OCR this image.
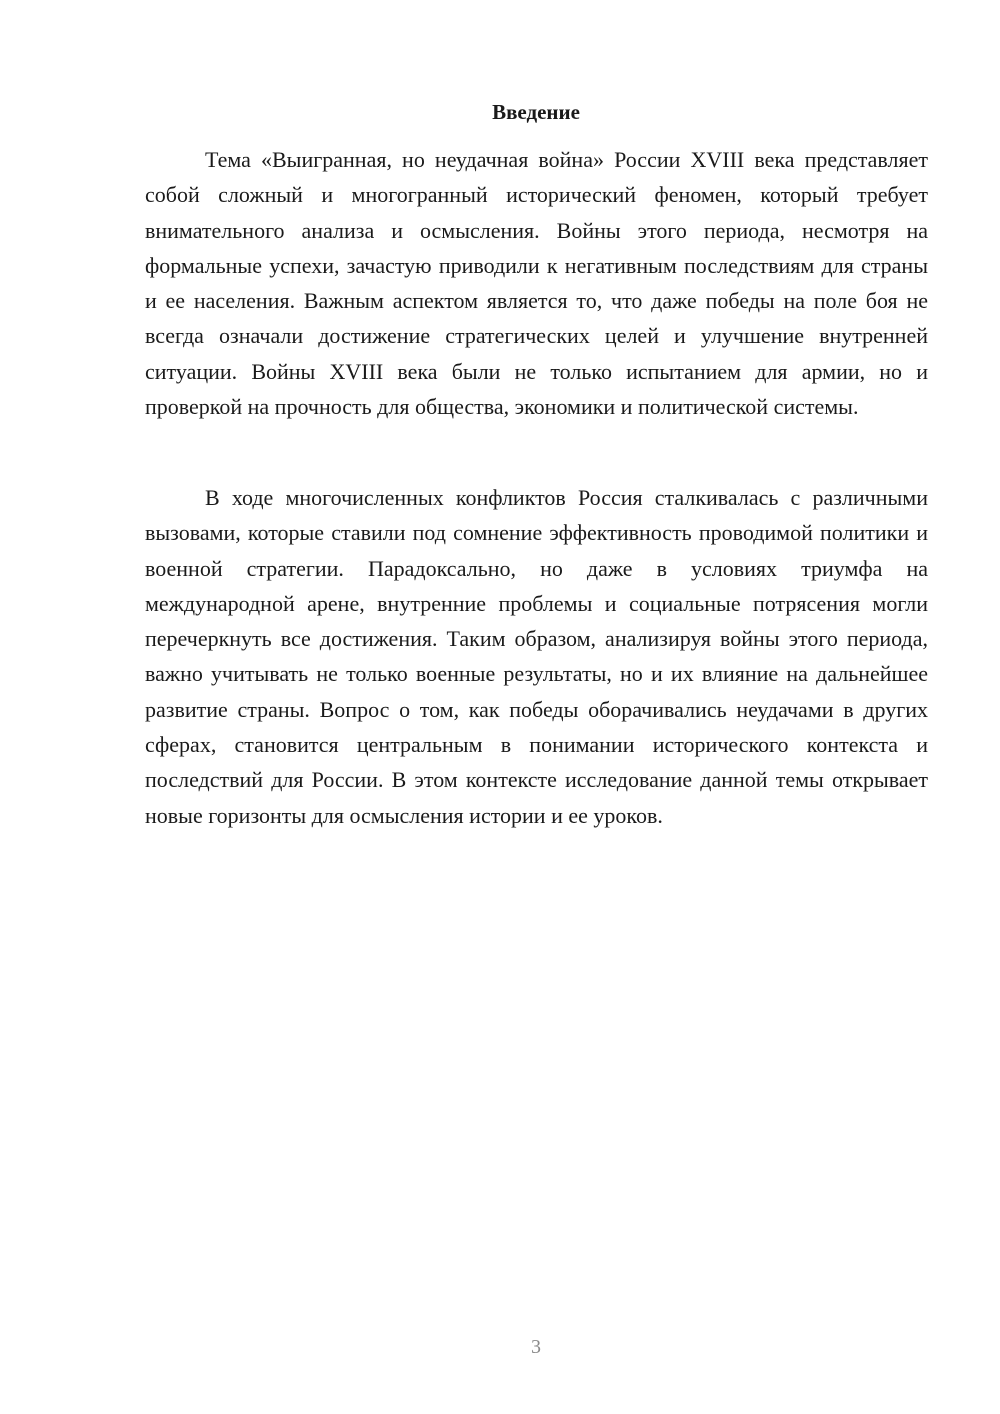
Введение

Тема «Выигранная, но неудачная война» России XVIII века представляет собой сложный и многогранный исторический феномен, который требует внимательного анализа и осмысления. Войны этого периода, несмотря на формальные успехи, зачастую приводили к негативным последствиям для страны и ее населения. Важным аспектом является то, что даже победы на поле боя не всегда означали достижение стратегических целей и улучшение внутренней ситуации. Войны XVIII века были не только испытанием для армии, но и проверкой на прочность для общества, экономики и политической системы.

В ходе многочисленных конфликтов Россия сталкивалась с различными вызовами, которые ставили под сомнение эффективность проводимой политики и военной стратегии. Парадоксально, но даже в условиях триумфа на международной арене, внутренние проблемы и социальные потрясения могли перечеркнуть все достижения. Таким образом, анализируя войны этого периода, важно учитывать не только военные результаты, но и их влияние на дальнейшее развитие страны. Вопрос о том, как победы оборачивались неудачами в других сферах, становится центральным в понимании исторического контекста и последствий для России. В этом контексте исследование данной темы открывает новые горизонты для осмысления истории и ее уроков.

3
